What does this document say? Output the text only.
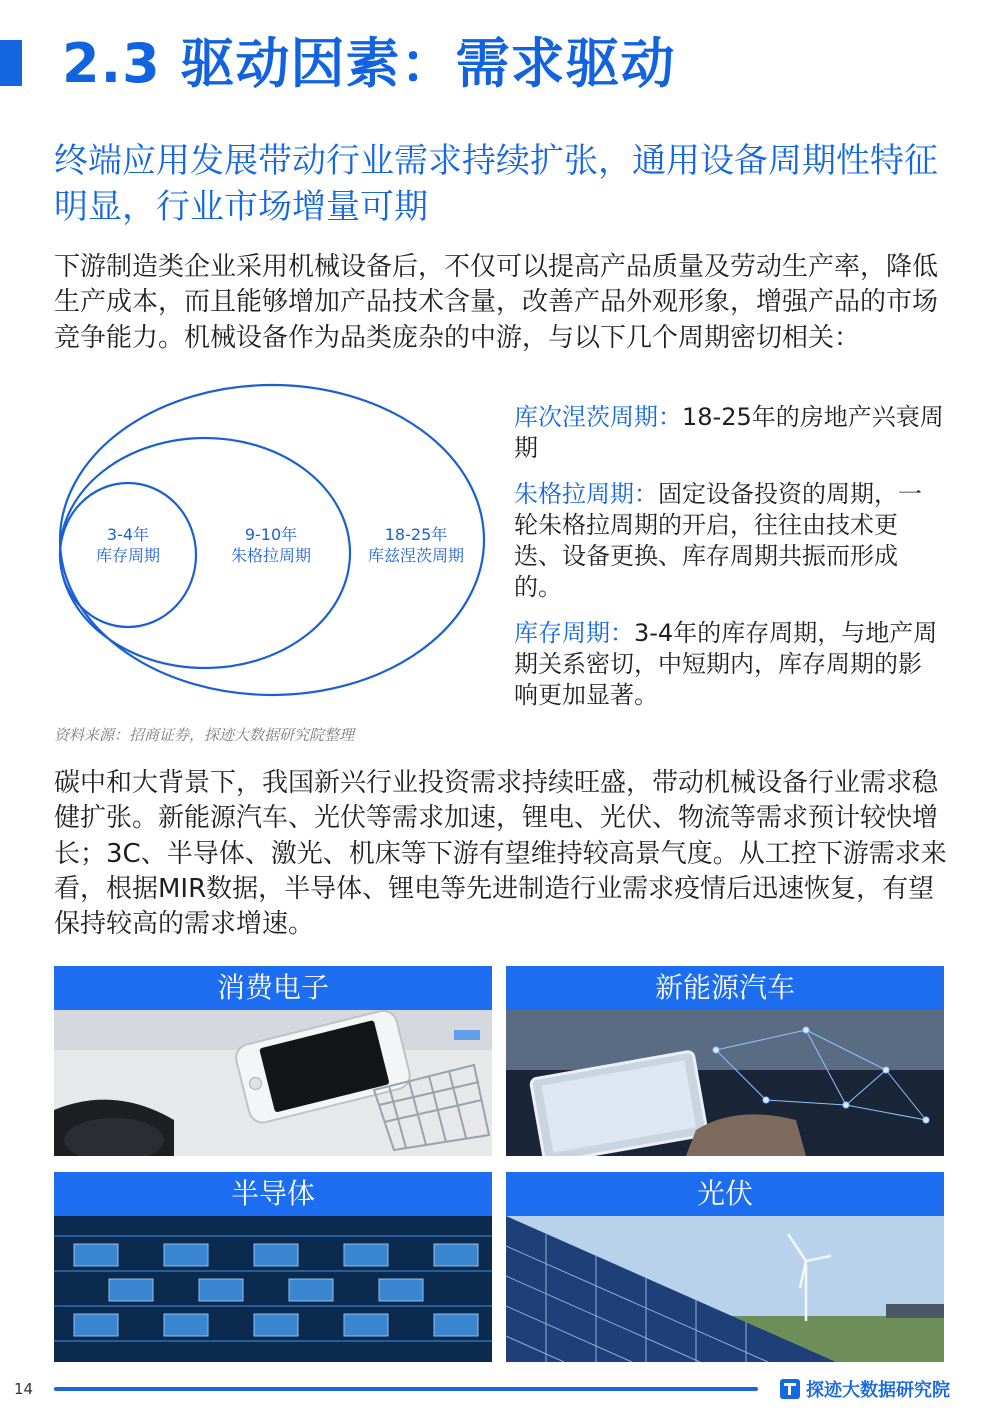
2.3 驱动因素：需求驱动

终端应用发展带动行业需求持续扩张，通用设备周期性特征明显，行业市场增量可期

下游制造类企业采用机械设备后，不仅可以提高产品质量及劳动生产率，降低生产成本，而且能够增加产品技术含量，改善产品外观形象，增强产品的市场竞争能力。机械设备作为品类庞杂的中游，与以下几个周期密切相关：

3-4年
库存周期
9-10年
朱格拉周期
18-25年
库兹涅茨周期

库次涅茨周期：18-25年的房地产兴衰周期

朱格拉周期：固定设备投资的周期，一轮朱格拉周期的开启，往往由技术更迭、设备更换、库存周期共振而形成的。

库存周期：3-4年的库存周期，与地产周期关系密切，中短期内，库存周期的影响更加显著。

资料来源：招商证券，探迹大数据研究院整理

碳中和大背景下，我国新兴行业投资需求持续旺盛，带动机械设备行业需求稳健扩张。新能源汽车、光伏等需求加速，锂电、光伏、物流等需求预计较快增长；3C、半导体、激光、机床等下游有望维持较高景气度。从工控下游需求来看，根据MIR数据，半导体、锂电等先进制造行业需求疫情后迅速恢复，有望保持较高的需求增速。

消费电子	新能源汽车
半导体	光伏
14	探迹大数据研究院
